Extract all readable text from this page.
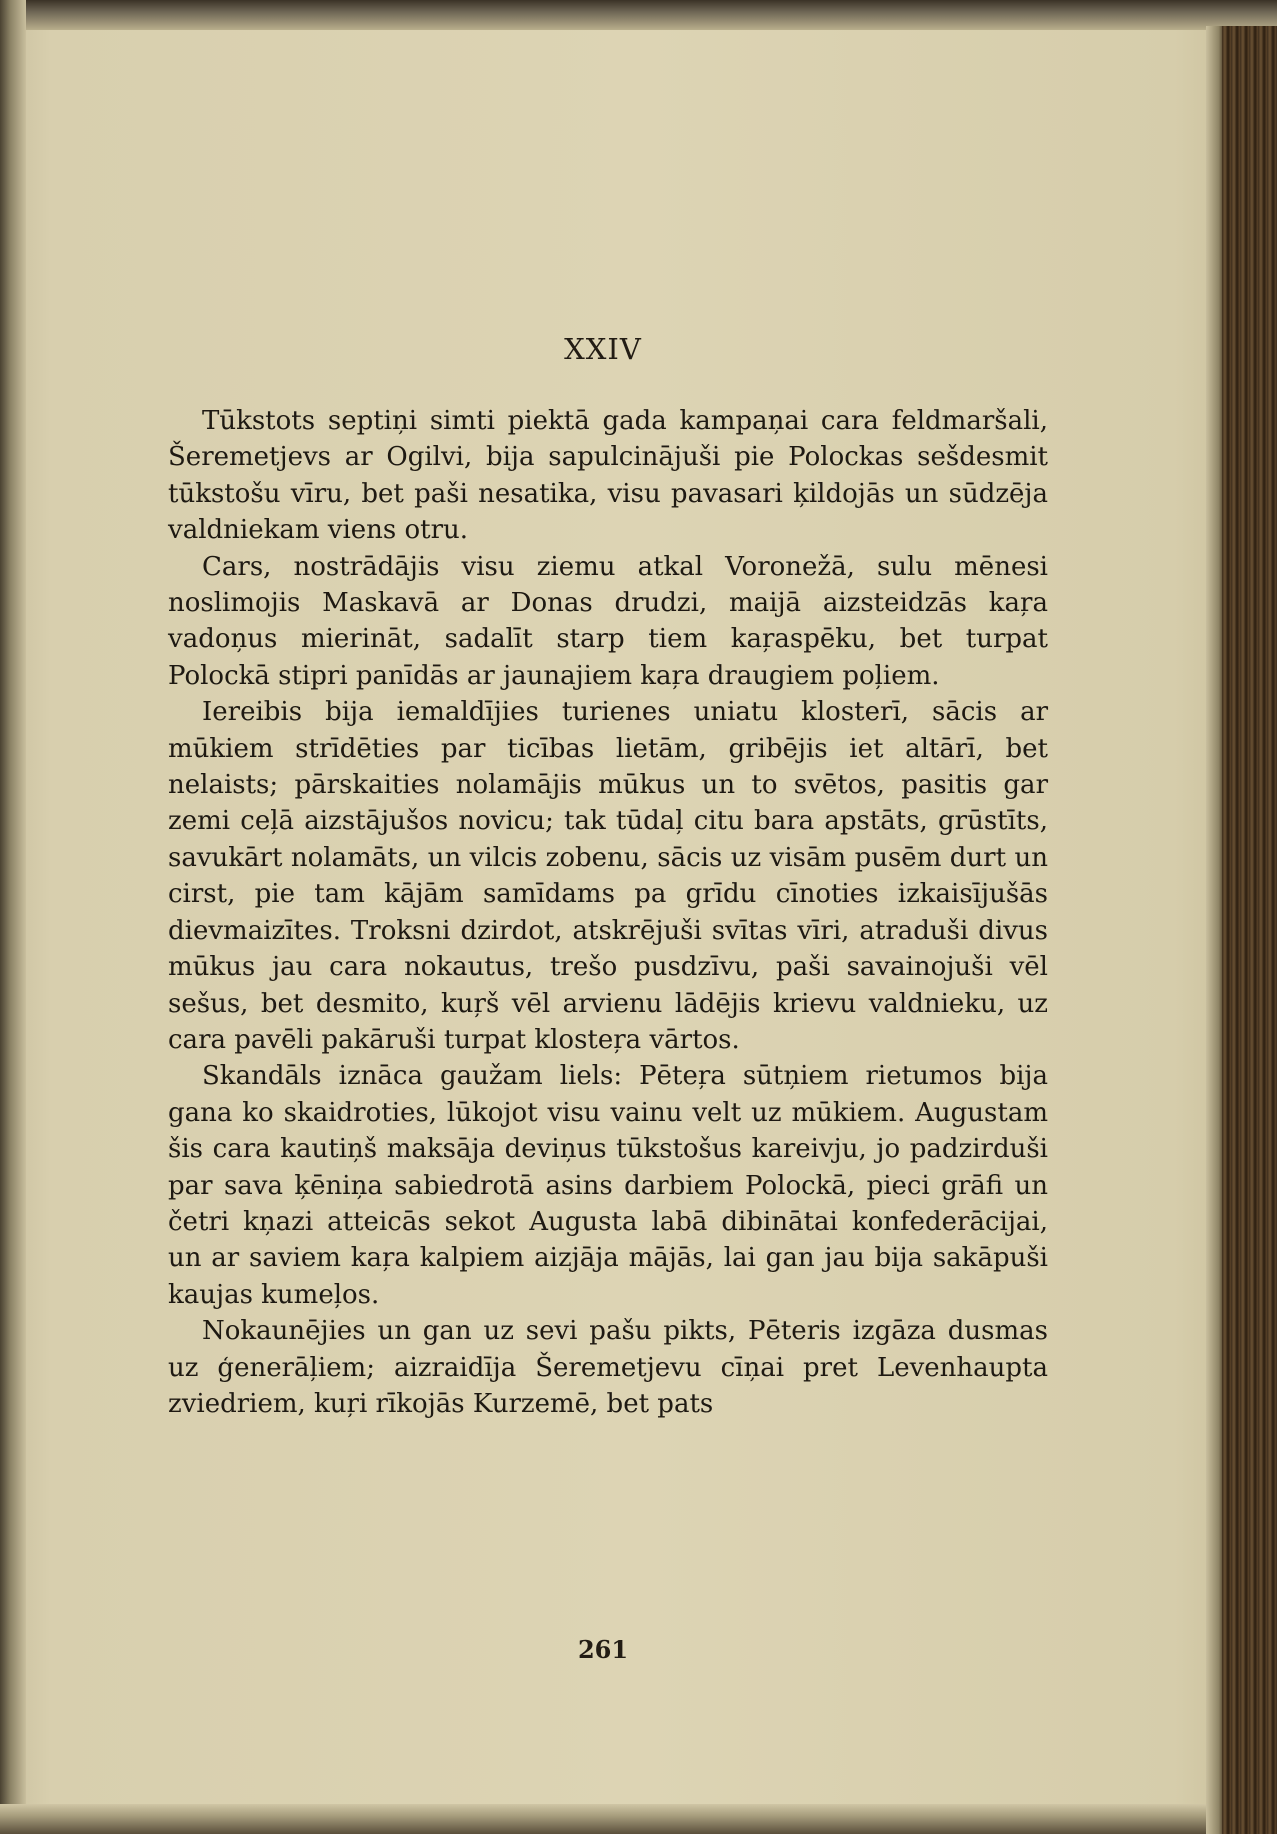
XXIV

Tūkstots septiņi simti piektā gada kampaņai cara feldmaršali, Šeremetjevs ar Ogilvi, bija sapulcinājuši pie Polockas sešdesmit tūkstošu vīru, bet paši nesatika, visu pavasari ķildojās un sūdzēja valdniekam viens otru.

Cars, nostrādājis visu ziemu atkal Voronežā, sulu mēnesi noslimojis Maskavā ar Donas drudzi, maijā aizsteidzās kaŗa vadoņus mierināt, sadalīt starp tiem kaŗaspēku, bet turpat Polockā stipri panīdās ar jaunajiem kaŗa draugiem poļiem.

Iereibis bija iemaldījies turienes uniatu klosterī, sācis ar mūkiem strīdēties par ticības lietām, gribējis iet altārī, bet nelaists; pārskaities nolamājis mūkus un to svētos, pasitis gar zemi ceļā aizstājušos novicu; tak tūdaļ citu bara apstāts, grūstīts, savukārt nolamāts, un vilcis zobenu, sācis uz visām pusēm durt un cirst, pie tam kājām samīdams pa grīdu cīnoties izkaisījušās dievmaizītes. Troksni dzirdot, atskrējuši svītas vīri, atraduši divus mūkus jau cara nokautus, trešo pusdzīvu, paši savainojuši vēl sešus, bet desmito, kuŗš vēl arvienu lādējis krievu valdnieku, uz cara pavēli pakāruši turpat klosteŗa vārtos.

Skandāls iznāca gaužam liels: Pēteŗa sūtņiem rietumos bija gana ko skaidroties, lūkojot visu vainu velt uz mūkiem. Augustam šis cara kautiņš maksāja deviņus tūkstošus kareivju, jo padzirduši par sava ķēniņa sabiedrotā asins darbiem Polockā, pieci grāfi un četri kņazi atteicās sekot Augusta labā dibinātai konfederācijai, un ar saviem kaŗa kalpiem aizjāja mājās, lai gan jau bija sakāpuši kaujas kumeļos.

Nokaunējies un gan uz sevi pašu pikts, Pēteris izgāza dusmas uz ģenerāļiem; aizraidīja Šeremetjevu cīņai pret Levenhaupta zviedriem, kuŗi rīkojās Kurzemē, bet pats

261
